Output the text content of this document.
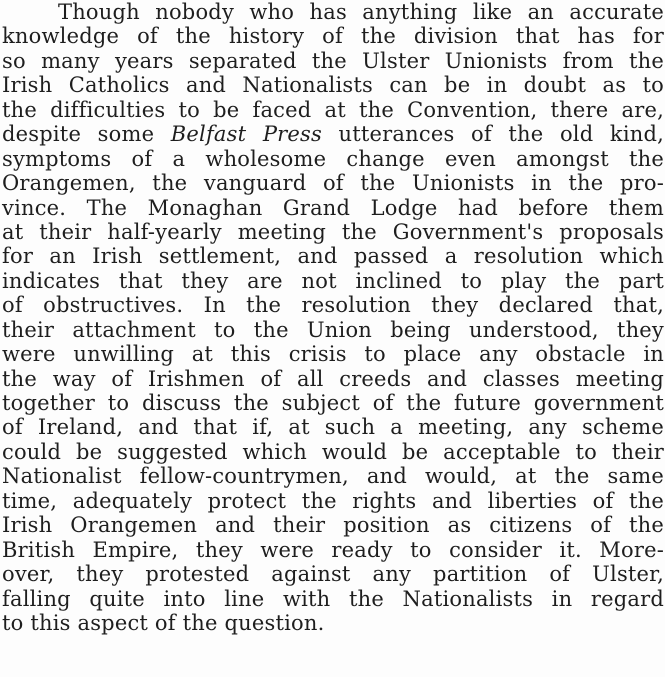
Though nobody who has anything like an accurate
knowledge of the history of the division that has for
so many years separated the Ulster Unionists from the
Irish Catholics and Nationalists can be in doubt as to
the difficulties to be faced at the Convention, there are,
despite some Belfast Press utterances of the old kind,
symptoms of a wholesome change even amongst the
Orangemen, the vanguard of the Unionists in the pro-
vince. The Monaghan Grand Lodge had before them
at their half-yearly meeting the Government's proposals
for an Irish settlement, and passed a resolution which
indicates that they are not inclined to play the part
of obstructives. In the resolution they declared that,
their attachment to the Union being understood, they
were unwilling at this crisis to place any obstacle in
the way of Irishmen of all creeds and classes meeting
together to discuss the subject of the future government
of Ireland, and that if, at such a meeting, any scheme
could be suggested which would be acceptable to their
Nationalist fellow-countrymen, and would, at the same
time, adequately protect the rights and liberties of the
Irish Orangemen and their position as citizens of the
British Empire, they were ready to consider it. More-
over, they protested against any partition of Ulster,
falling quite into line with the Nationalists in regard
to this aspect of the question.
